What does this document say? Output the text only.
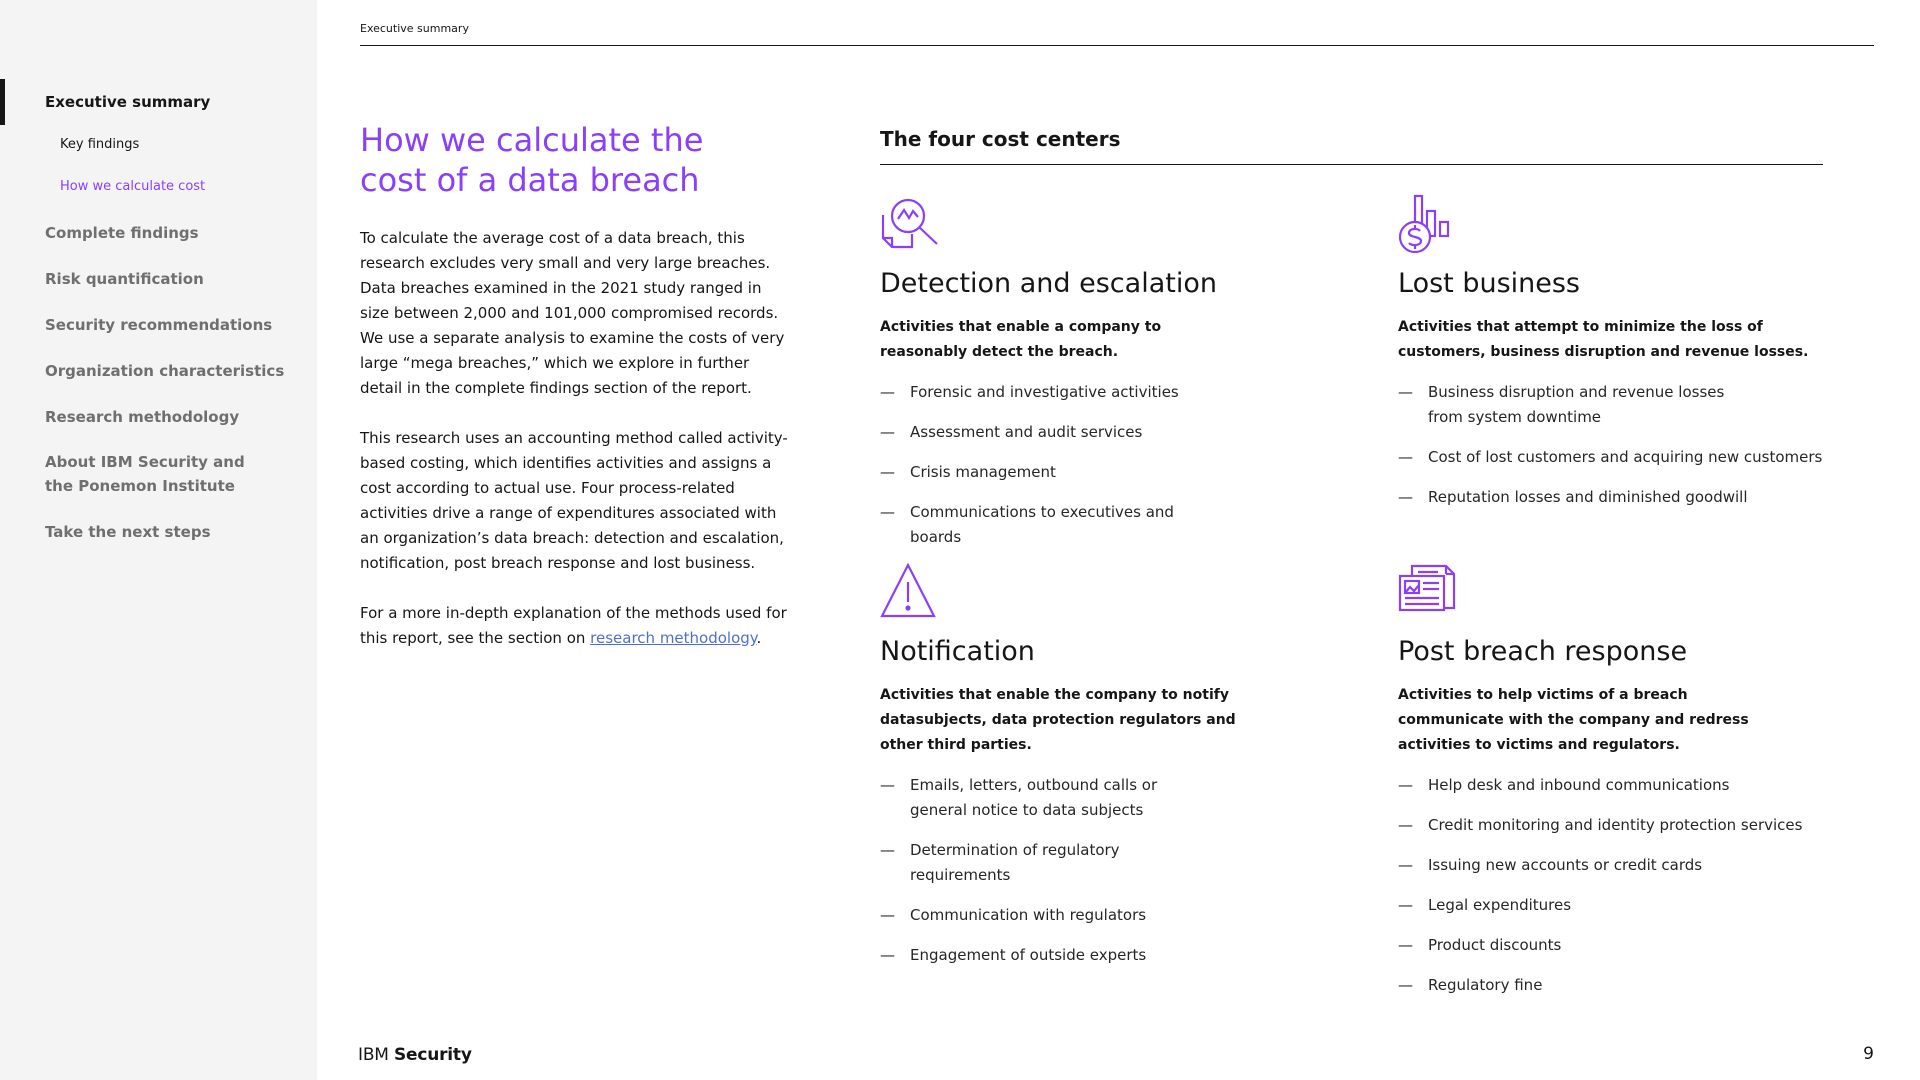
Executive summary
Key findings
How we calculate cost
Complete findings
Risk quantification
Security recommendations
Organization characteristics
Research methodology
About IBM Security and the Ponemon Institute
Take the next steps
Executive summary
How we calculate the cost of a data breach

To calculate the average cost of a data breach, this research excludes very small and very large breaches. Data breaches examined in the 2021 study ranged in size between 2,000 and 101,000 compromised records. We use a separate analysis to examine the costs of very large “mega breaches,” which we explore in further detail in the complete findings section of the report.

This research uses an accounting method called activity-based costing, which identifies activities and assigns a cost according to actual use. Four process-related activities drive a range of expenditures associated with an organization’s data breach: detection and escalation, notification, post breach response and lost business.

For a more in-depth explanation of the methods used for this report, see the section on research methodology.

The four cost centers
Detection and escalation
Activities that enable a company to reasonably detect the breach.
—	Forensic and investigative activities
—	Assessment and audit services
—	Crisis management
—	Communications to executives and boards
Lost business
Activities that attempt to minimize the loss of customers, business disruption and revenue losses.
—	Business disruption and revenue losses from system downtime
—	Cost of lost customers and acquiring new customers
—	Reputation losses and diminished goodwill
Notification
Activities that enable the company to notify datasubjects, data protection regulators and other third parties.
—	Emails, letters, outbound calls or general notice to data subjects
—	Determination of regulatory requirements
—	Communication with regulators
—	Engagement of outside experts
Post breach response
Activities to help victims of a breach communicate with the company and redress activities to victims and regulators.
—	Help desk and inbound communications
—	Credit monitoring and identity protection services
—	Issuing new accounts or credit cards
—	Legal expenditures
—	Product discounts
—	Regulatory fine
IBM Security	9
